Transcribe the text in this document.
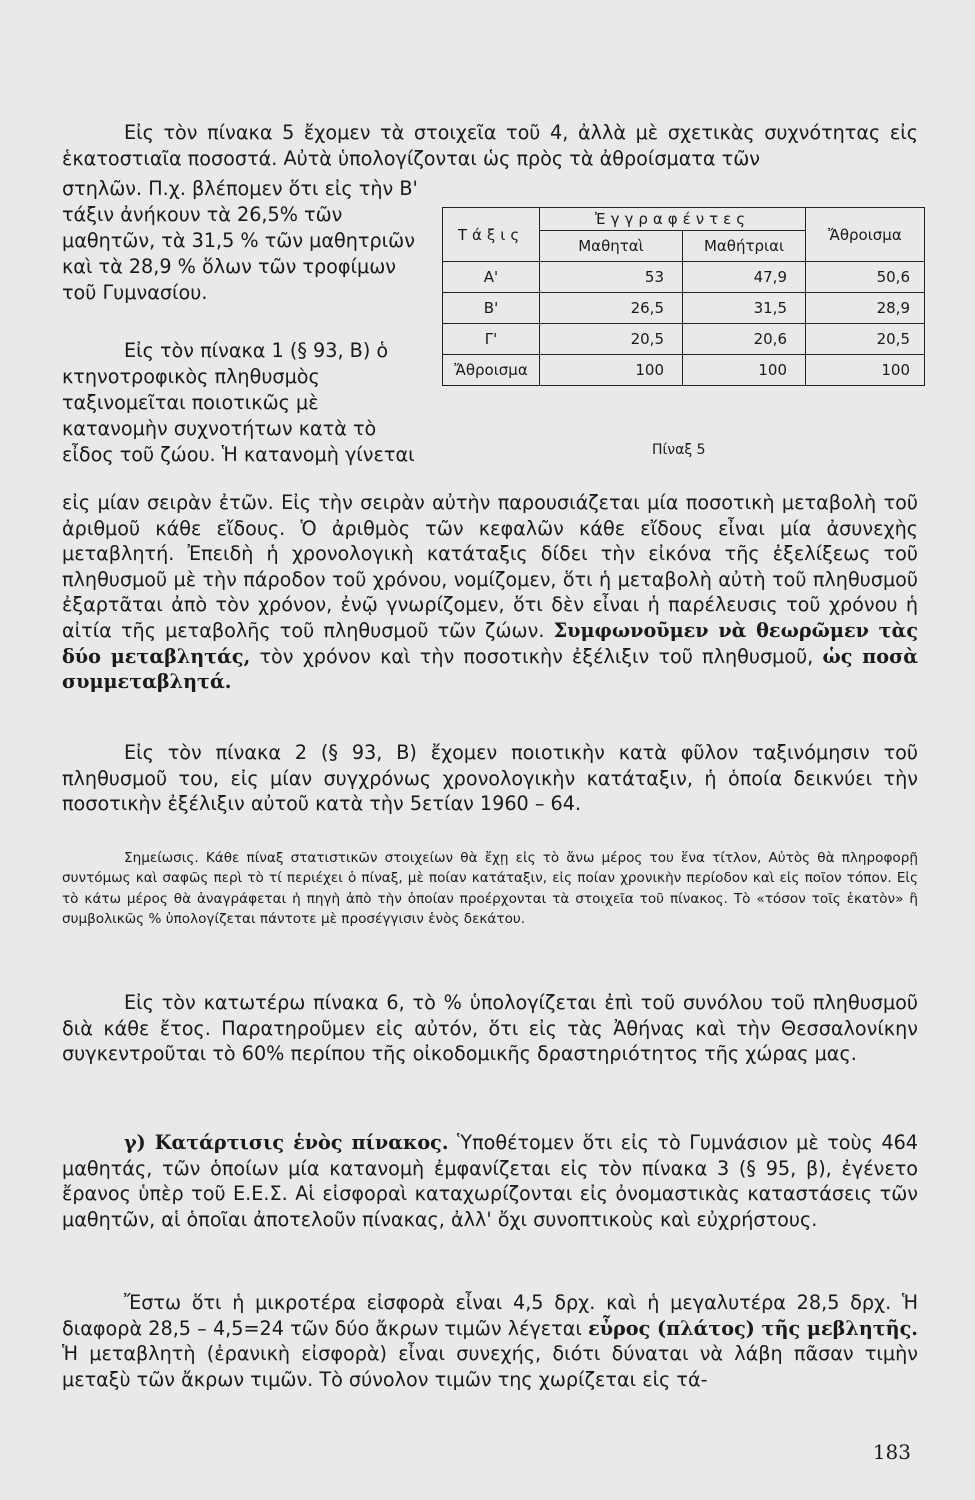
Εἰς τὸν πίνακα 5 ἔχομεν τὰ στοιχεῖα τοῦ 4, ἀλλὰ μὲ σχετικὰς συχνότητας εἰς ἑκατοστιαῖα ποσοστά. Αὐτὰ ὑπολογίζονται ὡς πρὸς τὰ ἀθροίσματα τῶν
στηλῶν. Π.χ. βλέπομεν ὅτι εἰς τὴν Β' τάξιν ἀνήκουν τὰ 26,5% τῶν μαθητῶν, τὰ 31,5 % τῶν μαθητριῶν καὶ τὰ 28,9 % ὅλων τῶν τροφίμων τοῦ Γυμνασίου.
Εἰς τὸν πίνακα 1 (§ 93, Β) ὁ κτηνοτροφικὸς πληθυσμὸς ταξινομεῖται ποιοτικῶς μὲ κατανομὴν συχνοτήτων κατὰ τὸ εἶδος τοῦ ζώου. Ἡ κατανομὴ γίνεται
Τάξις	Ἐγγραφέντες		Ἄθροισμα
	Μαθηταὶ	Μαθήτριαι	
Α'	53	47,9	50,6
Β'	26,5	31,5	28,9
Γ'	20,5	20,6	20,5
Ἄθροισμα	100	100	100
Πίναξ 5
εἰς μίαν σειρὰν ἐτῶν. Εἰς τὴν σειρὰν αὐτὴν παρουσιάζεται μία ποσοτικὴ μεταβολὴ τοῦ ἀριθμοῦ κάθε εἴδους. Ὁ ἀριθμὸς τῶν κεφαλῶν κάθε εἴδους εἶναι μία ἀσυνεχὴς μεταβλητή. Ἐπειδὴ ἡ χρονολογικὴ κατάταξις δίδει τὴν εἰκόνα τῆς ἐξελίξεως τοῦ πληθυσμοῦ μὲ τὴν πάροδον τοῦ χρόνου, νομίζομεν, ὅτι ἡ μεταβολὴ αὐτὴ τοῦ πληθυσμοῦ ἐξαρτᾶται ἀπὸ τὸν χρόνον, ἐνῷ γνωρίζομεν, ὅτι δὲν εἶναι ἡ παρέλευσις τοῦ χρόνου ἡ αἰτία τῆς μεταβολῆς τοῦ πληθυσμοῦ τῶν ζώων. Συμφωνοῦμεν νὰ θεωρῶμεν τὰς δύο μεταβλητάς, τὸν χρόνον καὶ τὴν ποσοτικὴν ἐξέλιξιν τοῦ πληθυσμοῦ, ὡς ποσὰ συμμεταβλητά.
Εἰς τὸν πίνακα 2 (§ 93, Β) ἔχομεν ποιοτικὴν κατὰ φῦλον ταξινόμησιν τοῦ πληθυσμοῦ του, εἰς μίαν συγχρόνως χρονολογικὴν κατάταξιν, ἡ ὁποία δεικνύει τὴν ποσοτικὴν ἐξέλιξιν αὐτοῦ κατὰ τὴν 5ετίαν 1960 – 64.
Σημείωσις. Κάθε πίναξ στατιστικῶν στοιχείων θὰ ἔχῃ εἰς τὸ ἄνω μέρος του ἕνα τίτλον, Αὐτὸς θὰ πληροφορῇ συντόμως καὶ σαφῶς περὶ τὸ τί περιέχει ὁ πίναξ, μὲ ποίαν κατάταξιν, εἰς ποίαν χρονικὴν περίοδον καὶ εἰς ποῖον τόπον. Εἰς τὸ κάτω μέρος θὰ ἀναγράφεται ἡ πηγὴ ἀπὸ τὴν ὁποίαν προέρχονται τὰ στοιχεῖα τοῦ πίνακος. Τὸ «τόσον τοῖς ἑκατὸν» ἢ συμβολικῶς % ὑπολογίζεται πάντοτε μὲ προσέγγισιν ἑνὸς δεκάτου.
Εἰς τὸν κατωτέρω πίνακα 6, τὸ % ὑπολογίζεται ἐπὶ τοῦ συνόλου τοῦ πληθυσμοῦ διὰ κάθε ἔτος. Παρατηροῦμεν εἰς αὐτόν, ὅτι εἰς τὰς Ἀθήνας καὶ τὴν Θεσσαλονίκην συγκεντροῦται τὸ 60% περίπου τῆς οἰκοδομικῆς δραστηριότητος τῆς χώρας μας.
γ) Κατάρτισις ἑνὸς πίνακος. Ὑποθέτομεν ὅτι εἰς τὸ Γυμνάσιον μὲ τοὺς 464 μαθητάς, τῶν ὁποίων μία κατανομὴ ἐμφανίζεται εἰς τὸν πίνακα 3 (§ 95, β), ἐγένετο ἔρανος ὑπὲρ τοῦ Ε.Ε.Σ. Αἱ εἰσφοραὶ καταχωρίζονται εἰς ὀνομαστικὰς καταστάσεις τῶν μαθητῶν, αἱ ὁποῖαι ἀποτελοῦν πίνακας, ἀλλ' ὄχι συνοπτικοὺς καὶ εὐχρήστους.
Ἔστω ὅτι ἡ μικροτέρα εἰσφορὰ εἶναι 4,5 δρχ. καὶ ἡ μεγαλυτέρα 28,5 δρχ. Ἡ διαφορὰ 28,5 – 4,5=24 τῶν δύο ἄκρων τιμῶν λέγεται εὖρος (πλάτος) τῆς μεβλητῆς. Ἡ μεταβλητὴ (ἐρανικὴ εἰσφορὰ) εἶναι συνεχής, διότι δύναται νὰ λάβη πᾶσαν τιμὴν μεταξὺ τῶν ἄκρων τιμῶν. Τὸ σύνολον τιμῶν της χωρίζεται εἰς τά-
183
